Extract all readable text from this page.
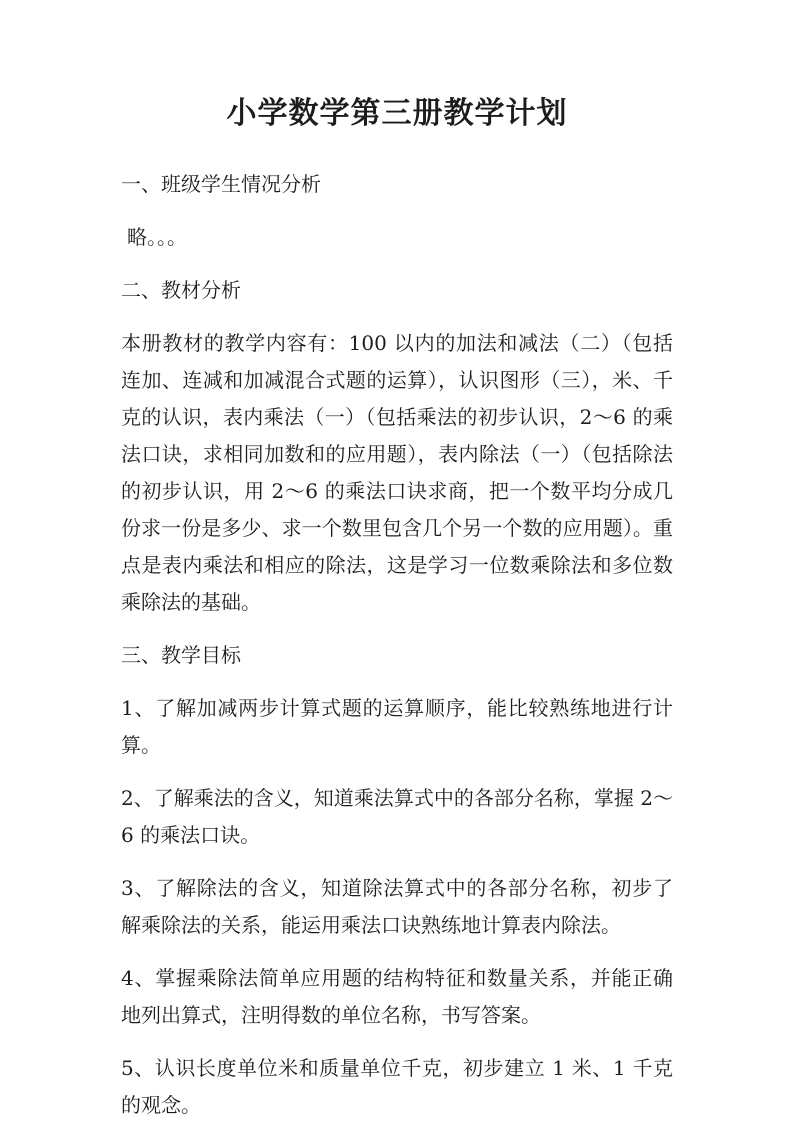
小学数学第三册教学计划

一、班级学生情况分析

略。。。

二、教材分析

本册教材的教学内容有：100 以内的加法和减法（二）（包括连加、连减和加减混合式题的运算），认识图形（三），米、千克的认识，表内乘法（一）（包括乘法的初步认识，2～6 的乘法口诀，求相同加数和的应用题），表内除法（一）（包括除法的初步认识，用 2～6 的乘法口诀求商，把一个数平均分成几份求一份是多少、求一个数里包含几个另一个数的应用题）。重点是表内乘法和相应的除法，这是学习一位数乘除法和多位数乘除法的基础。

三、教学目标

1、了解加减两步计算式题的运算顺序，能比较熟练地进行计算。

2、了解乘法的含义，知道乘法算式中的各部分名称，掌握 2～6 的乘法口诀。

3、了解除法的含义，知道除法算式中的各部分名称，初步了解乘除法的关系，能运用乘法口诀熟练地计算表内除法。

4、掌握乘除法简单应用题的结构特征和数量关系，并能正确地列出算式，注明得数的单位名称，书写答案。

5、认识长度单位米和质量单位千克，初步建立 1 米、1 千克的观念。
